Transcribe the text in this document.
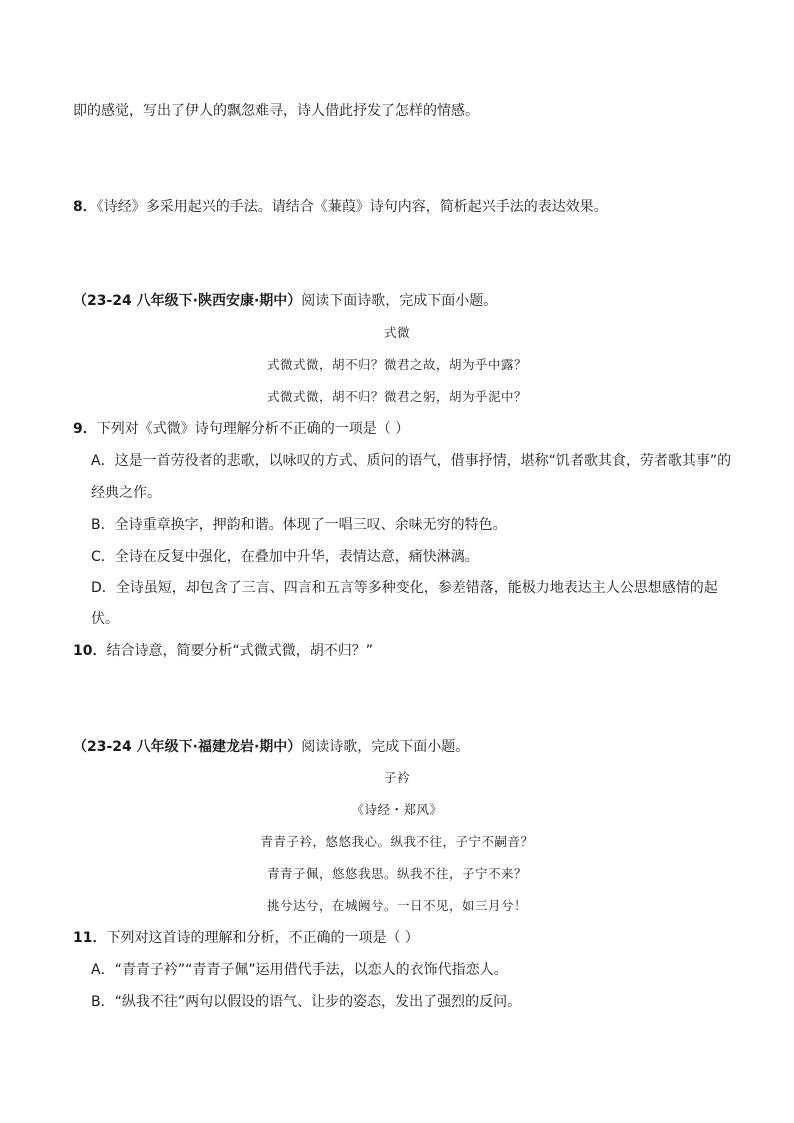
即的感觉，写出了伊人的飘忽难寻，诗人借此抒发了怎样的情感。
8．《诗经》多采用起兴的手法。请结合《蒹葭》诗句内容，简析起兴手法的表达效果。
（23-24 八年级下·陕西安康·期中）阅读下面诗歌，完成下面小题。
式微
式微式微，胡不归？微君之故，胡为乎中露？
式微式微，胡不归？微君之躬，胡为乎泥中？
9．下列对《式微》诗句理解分析不正确的一项是（ ）
A．这是一首劳役者的悲歌，以咏叹的方式、质问的语气，借事抒情，堪称“饥者歌其食，劳者歌其事”的
经典之作。
B．全诗重章换字，押韵和谐。体现了一唱三叹、余味无穷的特色。
C．全诗在反复中强化，在叠加中升华，表情达意，痛快淋漓。
D．全诗虽短，却包含了三言、四言和五言等多种变化，参差错落，能极力地表达主人公思想感情的起
伏。
10．结合诗意，简要分析“式微式微，胡不归？”
（23-24 八年级下·福建龙岩·期中）阅读诗歌，完成下面小题。
子衿
《诗经・郑风》
青青子衿，悠悠我心。纵我不往，子宁不嗣音？
青青子佩，悠悠我思。纵我不往，子宁不来？
挑兮达兮，在城阙兮。一日不见，如三月兮！
11．下列对这首诗的理解和分析，不正确的一项是（ ）
A．“青青子衿”“青青子佩”运用借代手法，以恋人的衣饰代指恋人。
B．“纵我不往”两句以假设的语气、让步的姿态，发出了强烈的反问。
